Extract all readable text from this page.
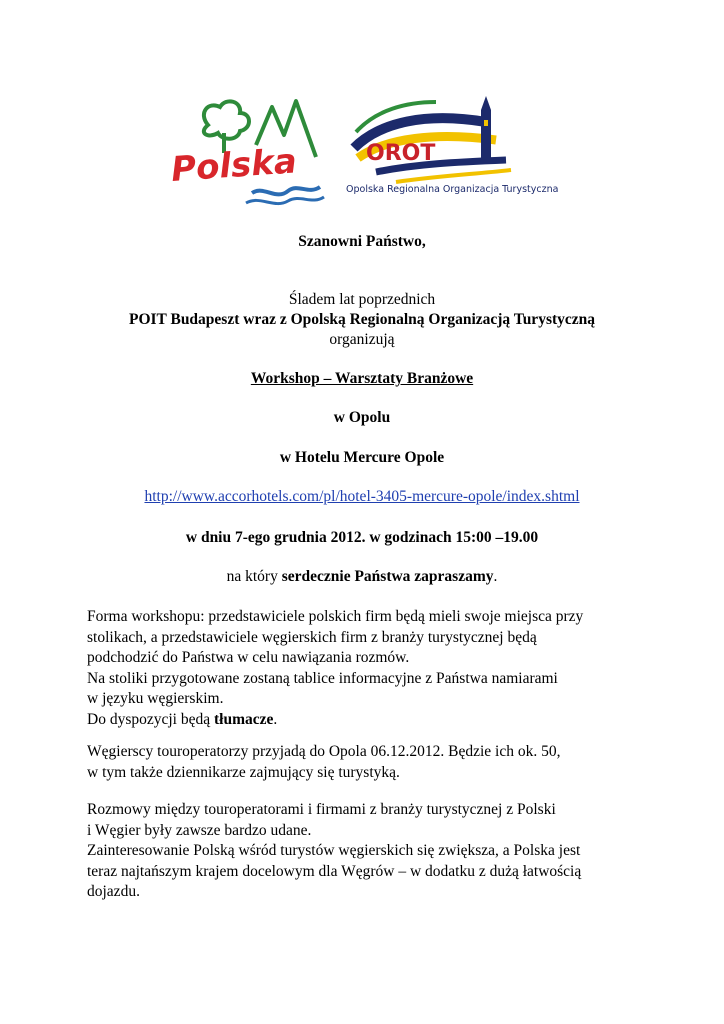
Polska	OROT
Opolska Regionalna Organizacja Turystyczna
Szanowni Państwo,
Śladem lat poprzednich
POIT Budapeszt wraz z Opolską Regionalną Organizacją Turystyczną
organizują
Workshop – Warsztaty Branżowe
w Opolu
w Hotelu Mercure Opole
http://www.accorhotels.com/pl/hotel-3405-mercure-opole/index.shtml
w dniu 7-ego grudnia 2012. w godzinach 15:00 –19.00
na który serdecznie Państwa zapraszamy.
Forma workshopu: przedstawiciele polskich firm będą mieli swoje miejsca przy
stolikach, a przedstawiciele węgierskich firm z branży turystycznej będą
podchodzić do Państwa w celu nawiązania rozmów.
Na stoliki przygotowane zostaną tablice informacyjne z Państwa namiarami
w języku węgierskim.
Do dyspozycji będą tłumacze.
Węgierscy touroperatorzy przyjadą do Opola 06.12.2012. Będzie ich ok. 50,
w tym także dziennikarze zajmujący się turystyką.
Rozmowy między touroperatorami i firmami z branży turystycznej z Polski
i Węgier były zawsze bardzo udane.
Zainteresowanie Polską wśród turystów węgierskich się zwiększa, a Polska jest
teraz najtańszym krajem docelowym dla Węgrów – w dodatku z dużą łatwością
dojazdu.
